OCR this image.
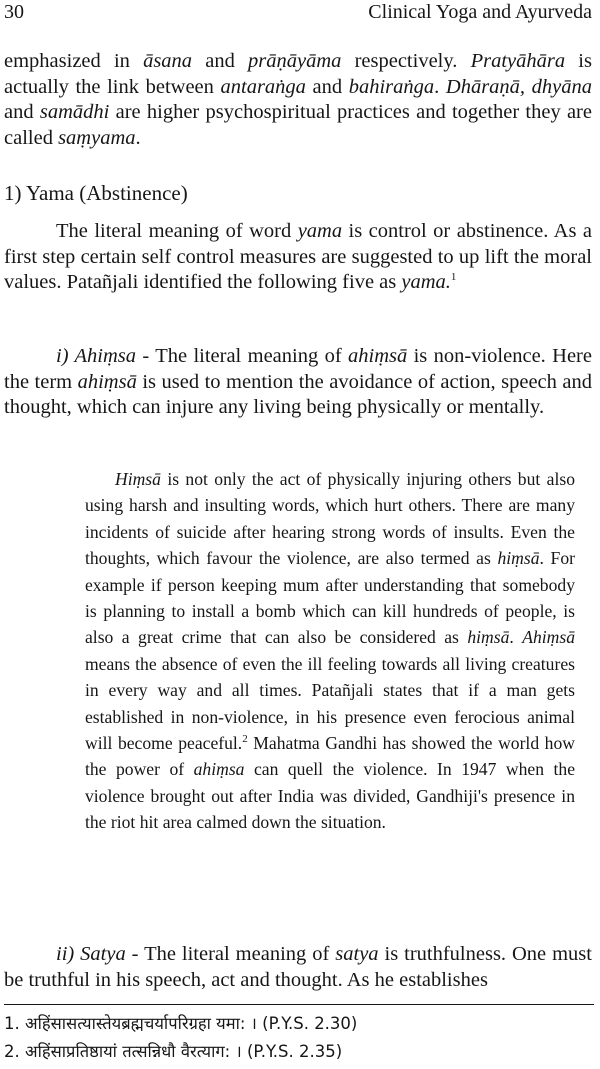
30	Clinical Yoga and Ayurveda

emphasized in āsana and prāṇāyāma respectively. Pratyāhāra is actually the link between antaraṅga and bahiraṅga. Dhāraṇā, dhyāna and samādhi are higher psychospiritual practices and together they are called saṃyama.

1) Yama (Abstinence)

The literal meaning of word yama is control or abstinence. As a first step certain self control measures are suggested to up lift the moral values. Patañjali identified the following five as yama.$^1$

i) Ahiṃsa - The literal meaning of ahiṃsā is non-violence. Here the term ahiṃsā is used to mention the avoidance of action, speech and thought, which can injure any living being physically or mentally.

Hiṃsā is not only the act of physically injuring others but also using harsh and insulting words, which hurt others. There are many incidents of suicide after hearing strong words of insults. Even the thoughts, which favour the violence, are also termed as hiṃsā. For example if person keeping mum after understanding that somebody is planning to install a bomb which can kill hundreds of people, is also a great crime that can also be considered as hiṃsā. Ahiṃsā means the absence of even the ill feeling towards all living creatures in every way and all times. Patañjali states that if a man gets established in non-violence, in his presence even ferocious animal will become peaceful.$^2$ Mahatma Gandhi has showed the world how the power of ahiṃsa can quell the violence. In 1947 when the violence brought out after India was divided, Gandhiji's presence in the riot hit area calmed down the situation.

ii) Satya - The literal meaning of satya is truthfulness. One must be truthful in his speech, act and thought. As he establishes

1. अहिंसासत्यास्तेयब्रह्मचर्यापरिग्रहा यमा: । (P.Y.S. 2.30)
2. अहिंसाप्रतिष्ठायां तत्सन्निधौ वैरत्याग: । (P.Y.S. 2.35)
